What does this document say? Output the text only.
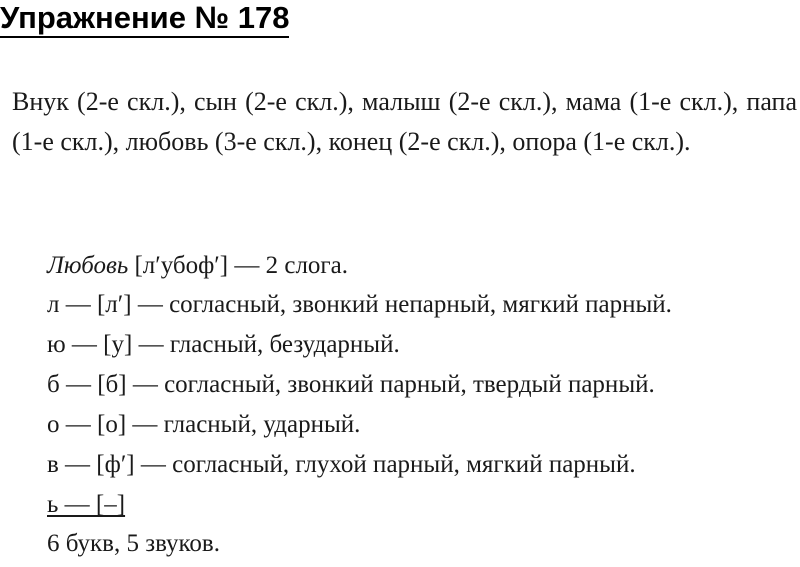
Упражнение № 178

Внук (2-е скл.), сын (2-е скл.), малыш (2-е скл.), мама (1-е скл.), папа (1-е скл.), любовь (3-е скл.), конец (2-е скл.), опора (1-е скл.).

Любовь [л′убоф′] — 2 слога.
л — [л′] — согласный, звонкий непарный, мягкий парный.
ю — [у] — гласный, безударный.
б — [б] — согласный, звонкий парный, твердый парный.
о — [о] — гласный, ударный.
в — [ф′] — согласный, глухой парный, мягкий парный.
ь — [–]
6 букв, 5 звуков.
